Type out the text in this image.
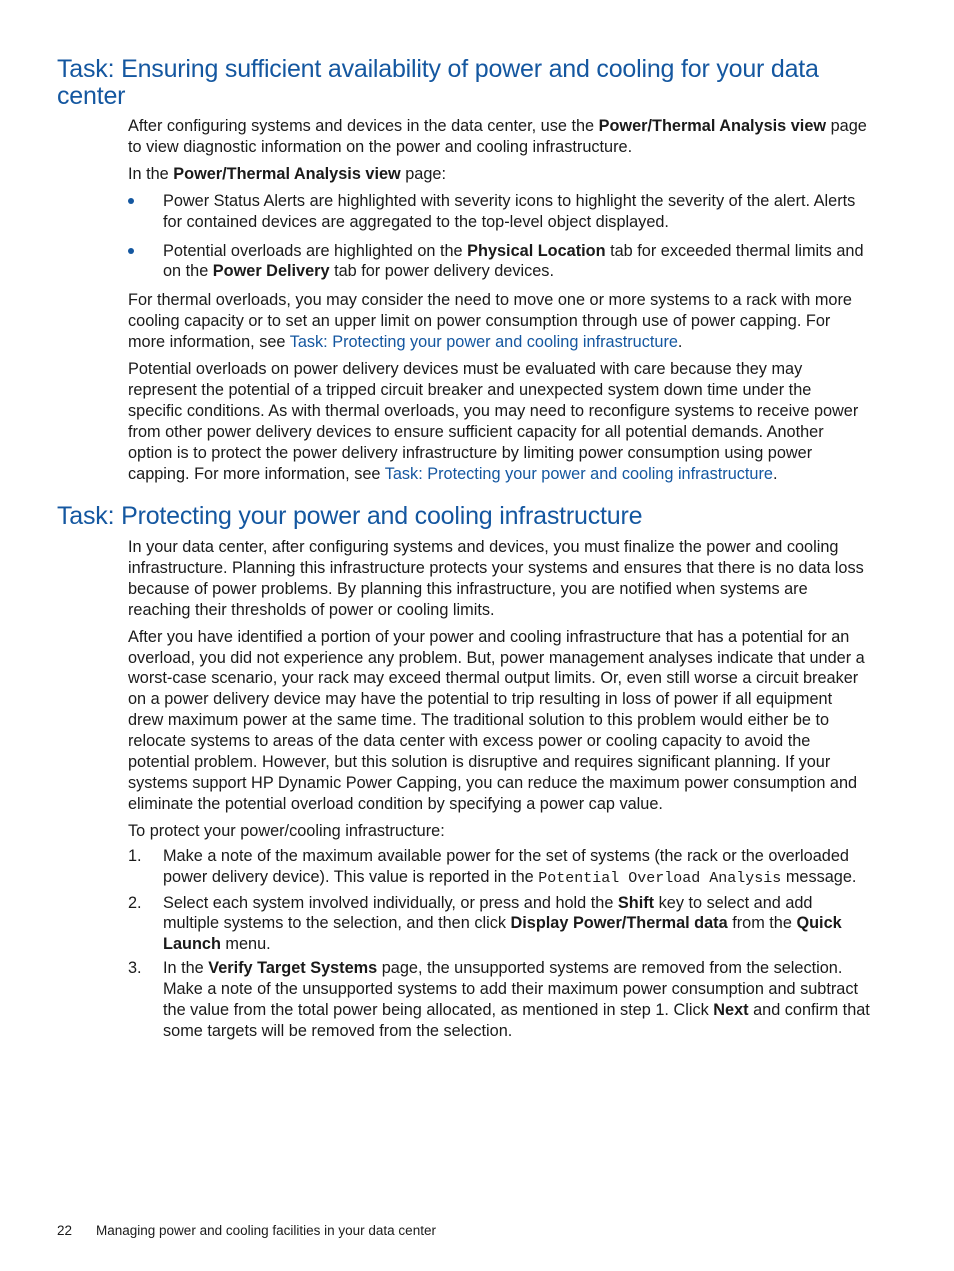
Task: Ensuring sufficient availability of power and cooling for your data center

After configuring systems and devices in the data center, use the Power/Thermal Analysis view page to view diagnostic information on the power and cooling infrastructure.

In the Power/Thermal Analysis view page:

Power Status Alerts are highlighted with severity icons to highlight the severity of the alert. Alerts for contained devices are aggregated to the top-level object displayed.
Potential overloads are highlighted on the Physical Location tab for exceeded thermal limits and on the Power Delivery tab for power delivery devices.

For thermal overloads, you may consider the need to move one or more systems to a rack with more cooling capacity or to set an upper limit on power consumption through use of power capping. For more information, see Task: Protecting your power and cooling infrastructure.

Potential overloads on power delivery devices must be evaluated with care because they may represent the potential of a tripped circuit breaker and unexpected system down time under the specific conditions. As with thermal overloads, you may need to reconfigure systems to receive power from other power delivery devices to ensure sufficient capacity for all potential demands. Another option is to protect the power delivery infrastructure by limiting power consumption using power capping. For more information, see Task: Protecting your power and cooling infrastructure.

Task: Protecting your power and cooling infrastructure

In your data center, after configuring systems and devices, you must finalize the power and cooling infrastructure. Planning this infrastructure protects your systems and ensures that there is no data loss because of power problems. By planning this infrastructure, you are notified when systems are reaching their thresholds of power or cooling limits.

After you have identified a portion of your power and cooling infrastructure that has a potential for an overload, you did not experience any problem. But, power management analyses indicate that under a worst-case scenario, your rack may exceed thermal output limits. Or, even still worse a circuit breaker on a power delivery device may have the potential to trip resulting in loss of power if all equipment drew maximum power at the same time. The traditional solution to this problem would either be to relocate systems to areas of the data center with excess power or cooling capacity to avoid the potential problem. However, but this solution is disruptive and requires significant planning. If your systems support HP Dynamic Power Capping, you can reduce the maximum power consumption and eliminate the potential overload condition by specifying a power cap value.

To protect your power/cooling infrastructure:

1. Make a note of the maximum available power for the set of systems (the rack or the overloaded power delivery device). This value is reported in the Potential Overload Analysis message.
2. Select each system involved individually, or press and hold the Shift key to select and add multiple systems to the selection, and then click Display Power/Thermal data from the Quick Launch menu.
3. In the Verify Target Systems page, the unsupported systems are removed from the selection. Make a note of the unsupported systems to add their maximum power consumption and subtract the value from the total power being allocated, as mentioned in step 1. Click Next and confirm that some targets will be removed from the selection.
22 Managing power and cooling facilities in your data center
